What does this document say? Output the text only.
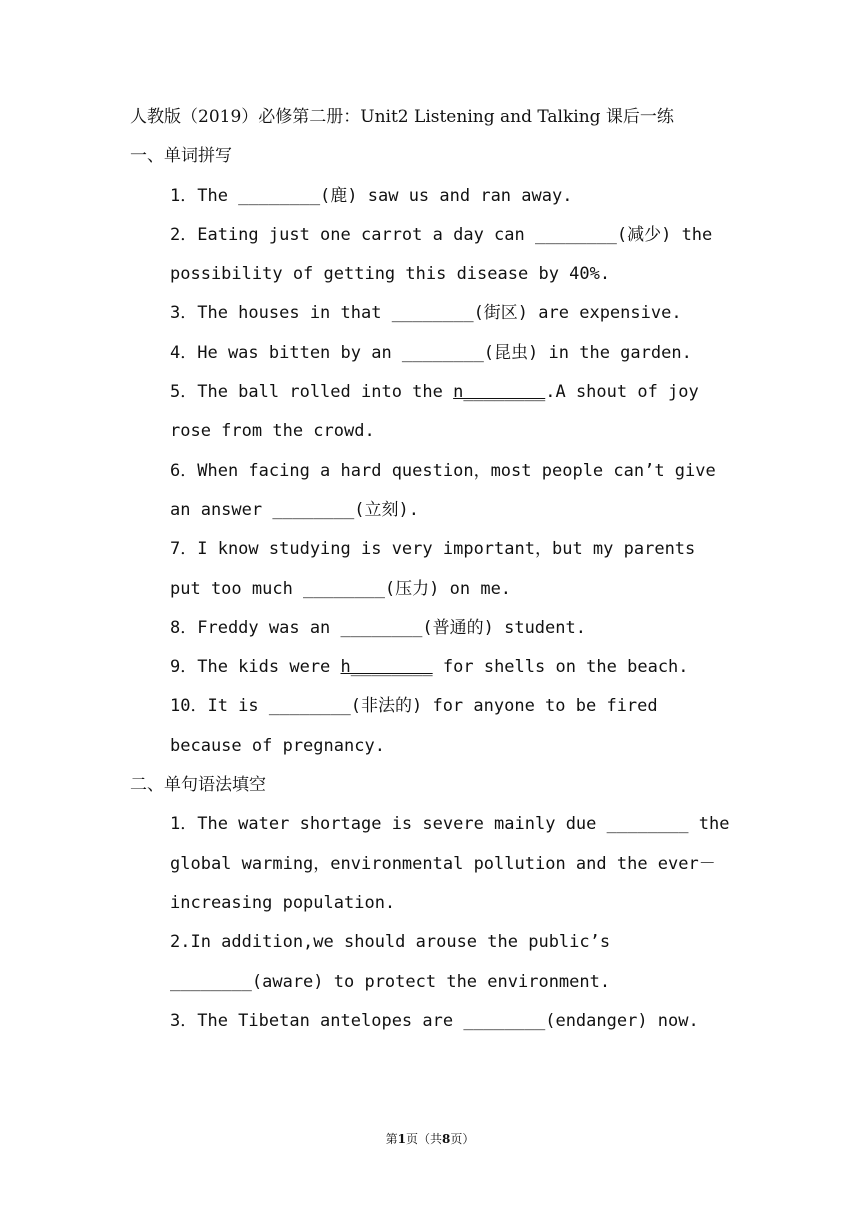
人教版（2019）必修第二册：Unit2 Listening and Talking 课后一练
一、单词拼写
1．The ________(鹿) saw us and ran away.
2．Eating just one carrot a day can ________(减少) the possibility of getting this disease by 40%.
3．The houses in that ________(街区) are expensive.
4．He was bitten by an ________(昆虫) in the garden.
5．The ball rolled into the n________.A shout of joy rose from the crowd.
6．When facing a hard question，most people can’t give an answer ________(立刻).
7．I know studying is very important，but my parents put too much ________(压力) on me.
8．Freddy was an ________(普通的) student.
9．The kids were h________ for shells on the beach.
10．It is ________(非法的) for anyone to be fired because of pregnancy.
二、单句语法填空
1．The water shortage is severe mainly due ________ the global warming，environmental pollution and the ever－increasing population.
2.In addition,we should arouse the public’s ________(aware) to protect the environment.
3．The Tibetan antelopes are ________(endanger) now.
第1页（共8页）
